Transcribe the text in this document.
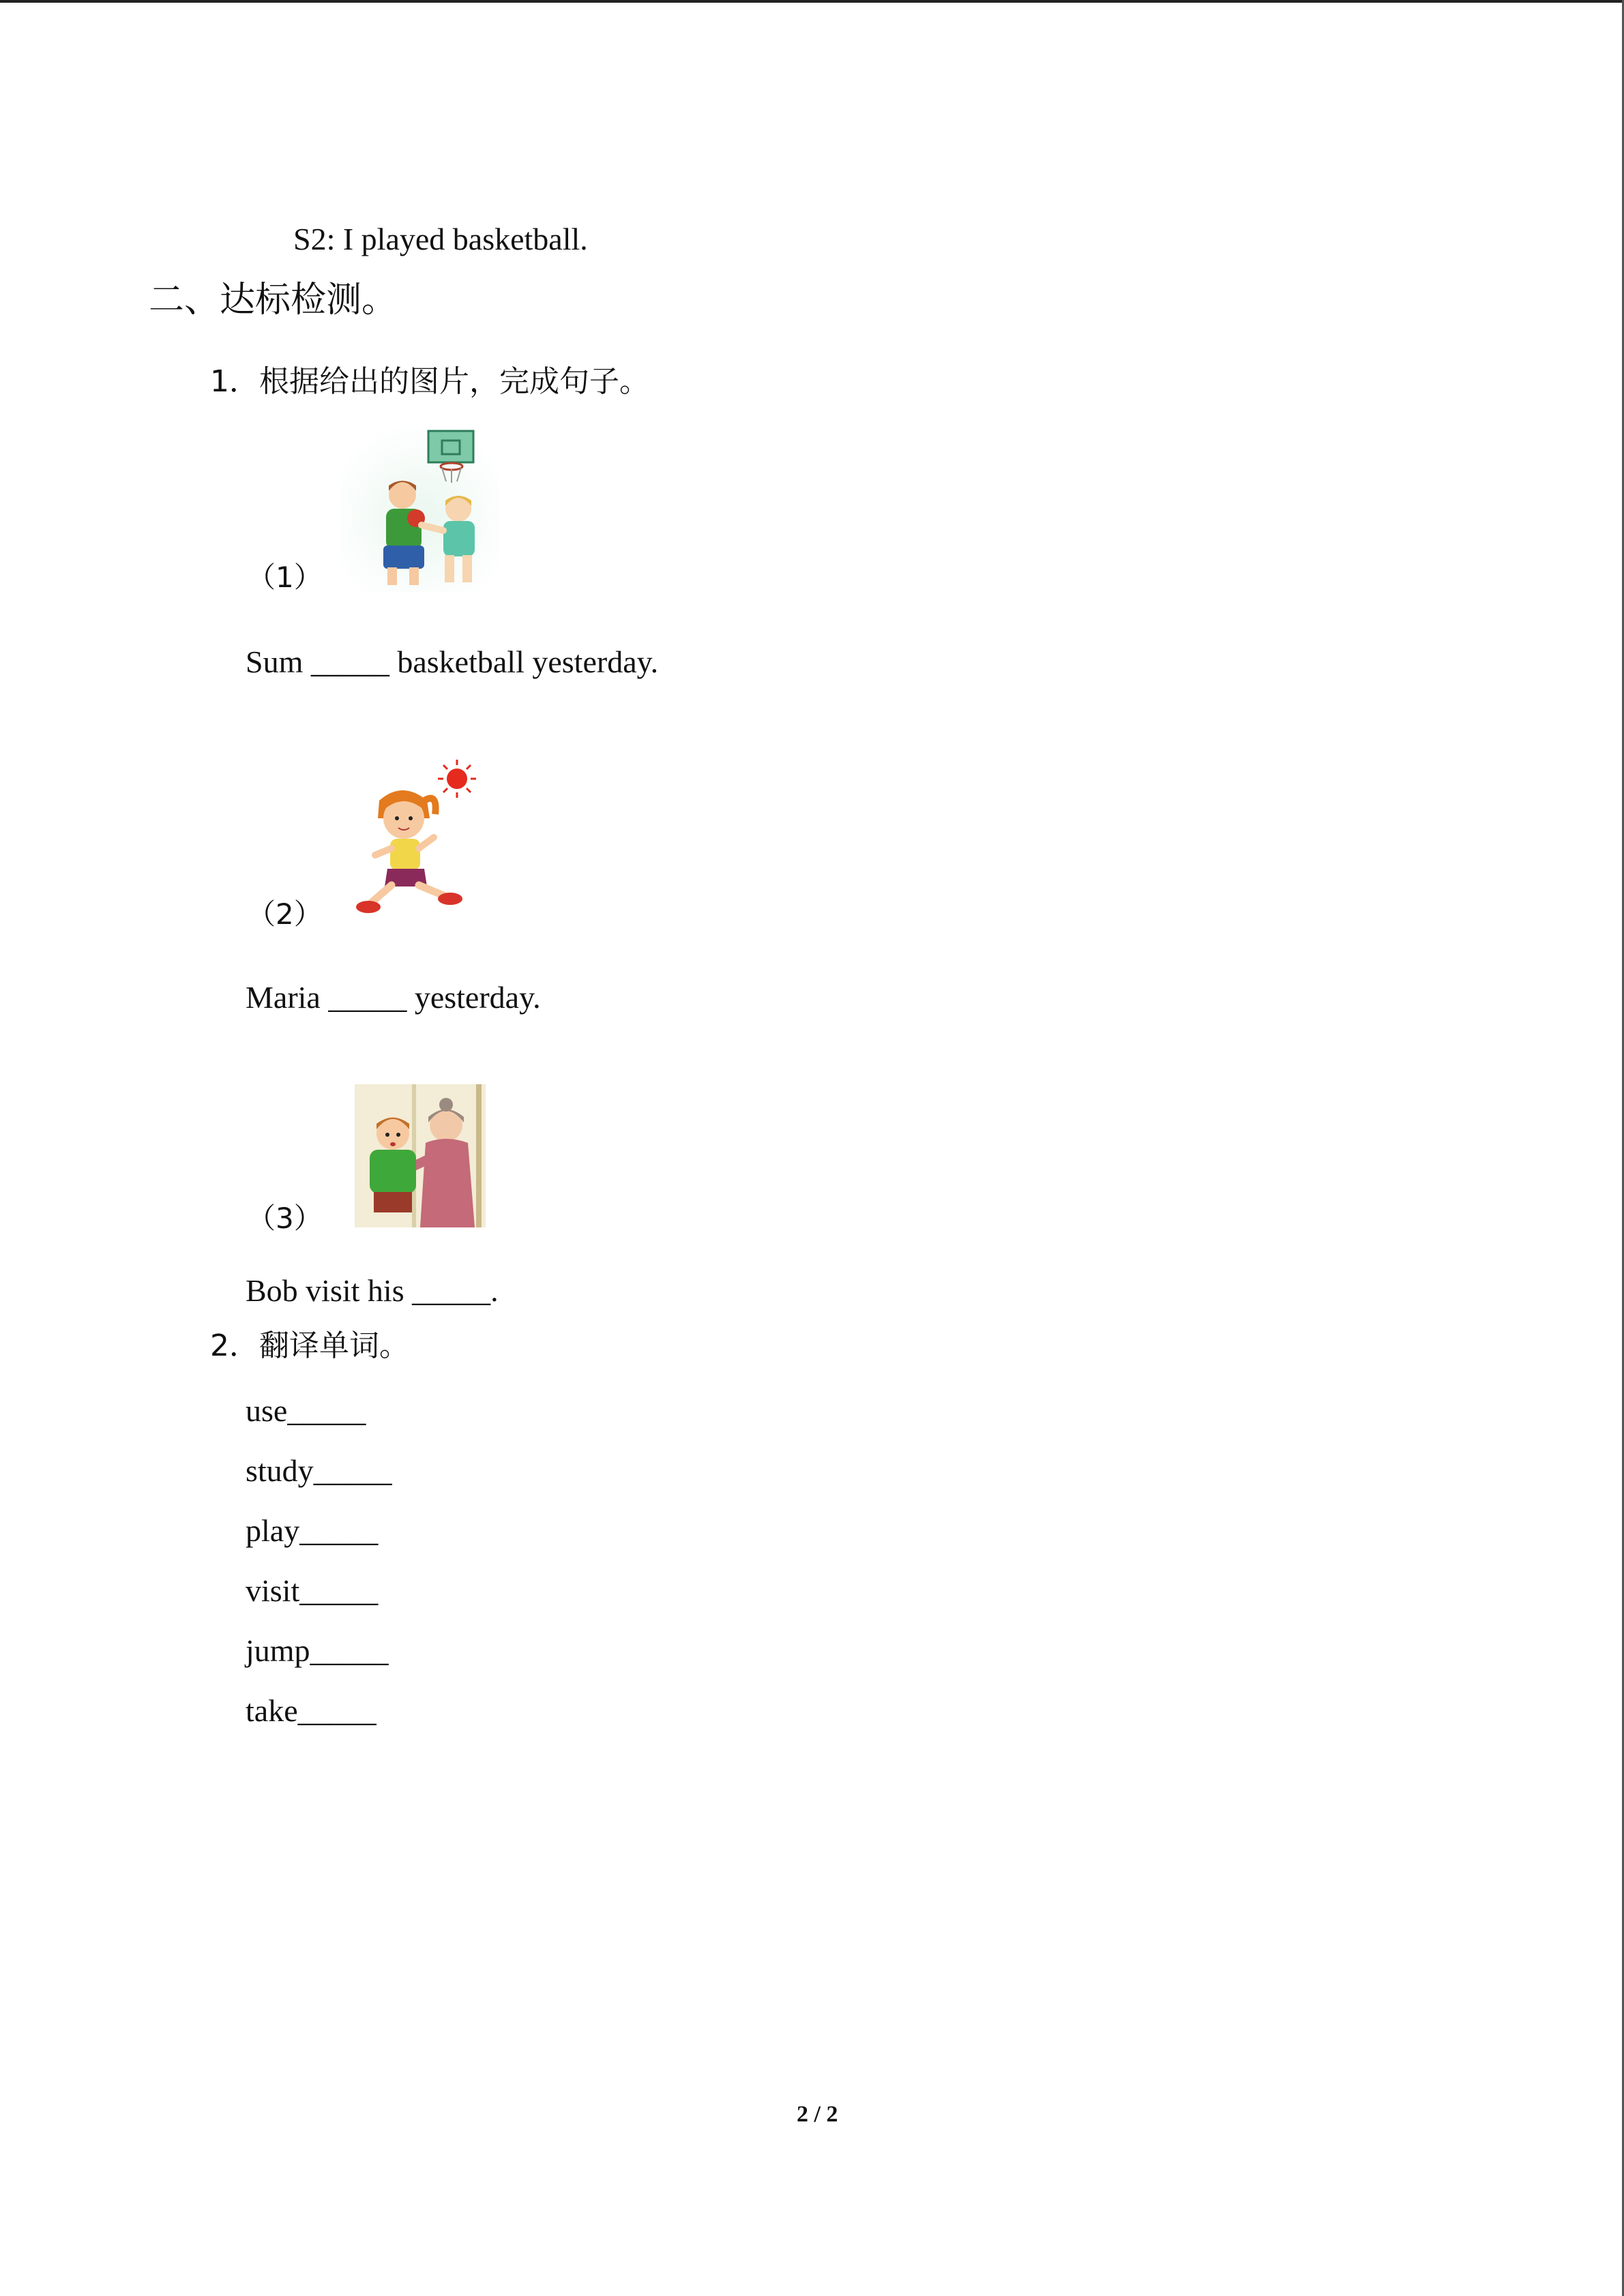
S2: I played basketball.
二、达标检测。
1．根据给出的图片，完成句子。
（1）
Sum _____ basketball yesterday.
（2）
Maria _____ yesterday.
（3）
Bob visit his _____.
2．翻译单词。
use_____
study_____
play_____
visit_____
jump_____
take_____
2 / 2
